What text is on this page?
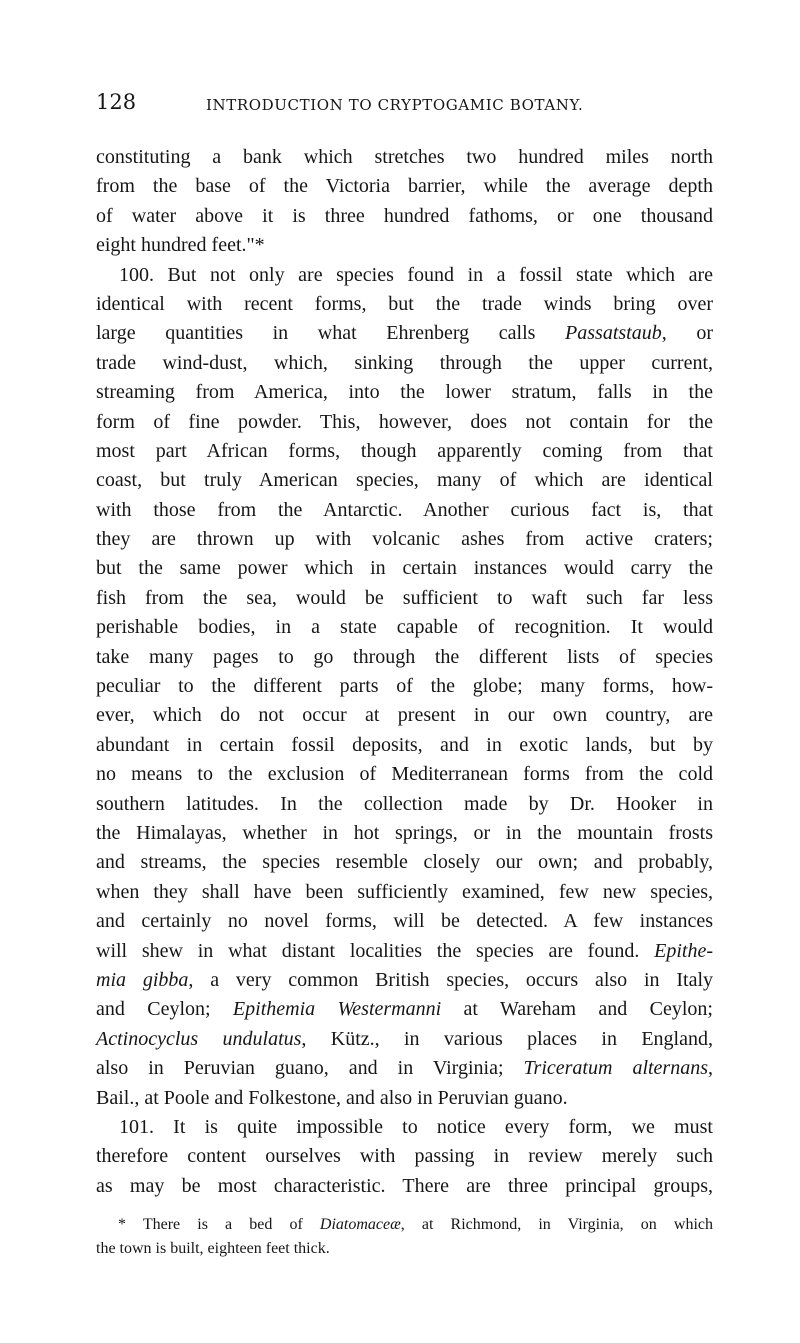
128	INTRODUCTION TO CRYPTOGAMIC BOTANY.
constituting a bank which stretches two hundred miles north
from the base of the Victoria barrier, while the average depth
of water above it is three hundred fathoms, or one thousand
eight hundred feet."*
100. But not only are species found in a fossil state which are
identical with recent forms, but the trade winds bring over
large quantities in what Ehrenberg calls Passatstaub, or
trade wind-dust, which, sinking through the upper current,
streaming from America, into the lower stratum, falls in the
form of fine powder. This, however, does not contain for the
most part African forms, though apparently coming from that
coast, but truly American species, many of which are identical
with those from the Antarctic. Another curious fact is, that
they are thrown up with volcanic ashes from active craters;
but the same power which in certain instances would carry the
fish from the sea, would be sufficient to waft such far less
perishable bodies, in a state capable of recognition. It would
take many pages to go through the different lists of species
peculiar to the different parts of the globe; many forms, how-
ever, which do not occur at present in our own country, are
abundant in certain fossil deposits, and in exotic lands, but by
no means to the exclusion of Mediterranean forms from the cold
southern latitudes. In the collection made by Dr. Hooker in
the Himalayas, whether in hot springs, or in the mountain frosts
and streams, the species resemble closely our own; and probably,
when they shall have been sufficiently examined, few new species,
and certainly no novel forms, will be detected. A few instances
will shew in what distant localities the species are found. Epithe-
mia gibba, a very common British species, occurs also in Italy
and Ceylon; Epithemia Westermanni at Wareham and Ceylon;
Actinocyclus undulatus, Kütz., in various places in England,
also in Peruvian guano, and in Virginia; Triceratum alternans,
Bail., at Poole and Folkestone, and also in Peruvian guano.
101. It is quite impossible to notice every form, we must
therefore content ourselves with passing in review merely such
as may be most characteristic. There are three principal groups,
* There is a bed of Diatomaceæ, at Richmond, in Virginia, on which
the town is built, eighteen feet thick.
